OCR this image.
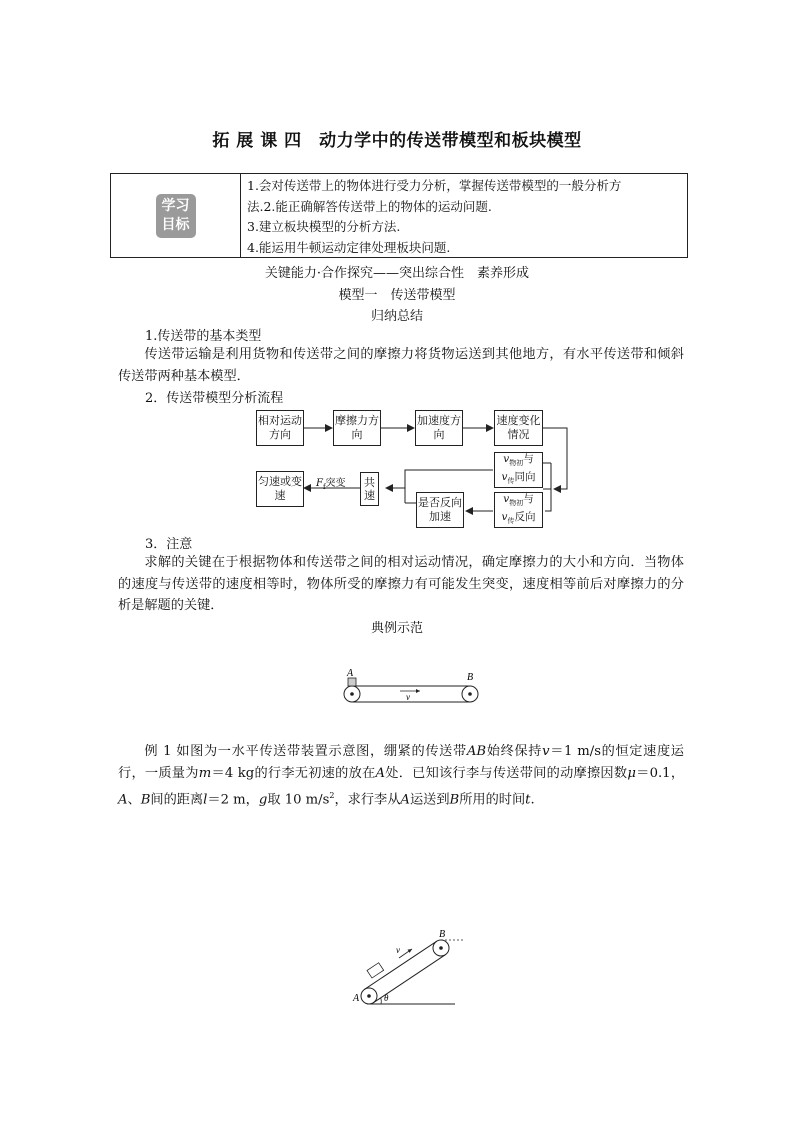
拓 展 课 四　动力学中的传送带模型和板块模型
学习
目标
1.会对传送带上的物体进行受力分析，掌握传送带模型的一般分析方
法.2.能正确解答传送带上的物体的运动问题.
3.建立板块模型的分析方法.
4.能运用牛顿运动定律处理板块问题.
关键能力·合作探究——突出综合性　素养形成
模型一　传送带模型
归纳总结
1.传送带的基本类型
传送带运输是利用货物和传送带之间的摩擦力将货物运送到其他地方，有水平传送带和倾斜传送带两种基本模型．
2．传送带模型分析流程
相对运动方向
摩擦力方向
加速度方向
速度变化情况
$v_{物初}$与
$v_传$同向
$v_{物初}$与
$v_传$反向
是否反向加速
共速
$F_f$突变
匀速或变速
3．注意
求解的关键在于根据物体和传送带之间的相对运动情况，确定摩擦力的大小和方向．当物体的速度与传送带的速度相等时，物体所受的摩擦力有可能发生突变，速度相等前后对摩擦力的分析是解题的关键．
典例示范
A	B
v
例 1 如图为一水平传送带装置示意图，绷紧的传送带AB始终保持v＝1 m/s的恒定速度运行，一质量为m＝4 kg的行李无初速的放在A处．已知该行李与传送带间的动摩擦因数μ＝0.1，A、B间的距离l＝2 m，g取 10 $m/s^2$，求行李从A运送到B所用的时间t.
A
B
v
θ
